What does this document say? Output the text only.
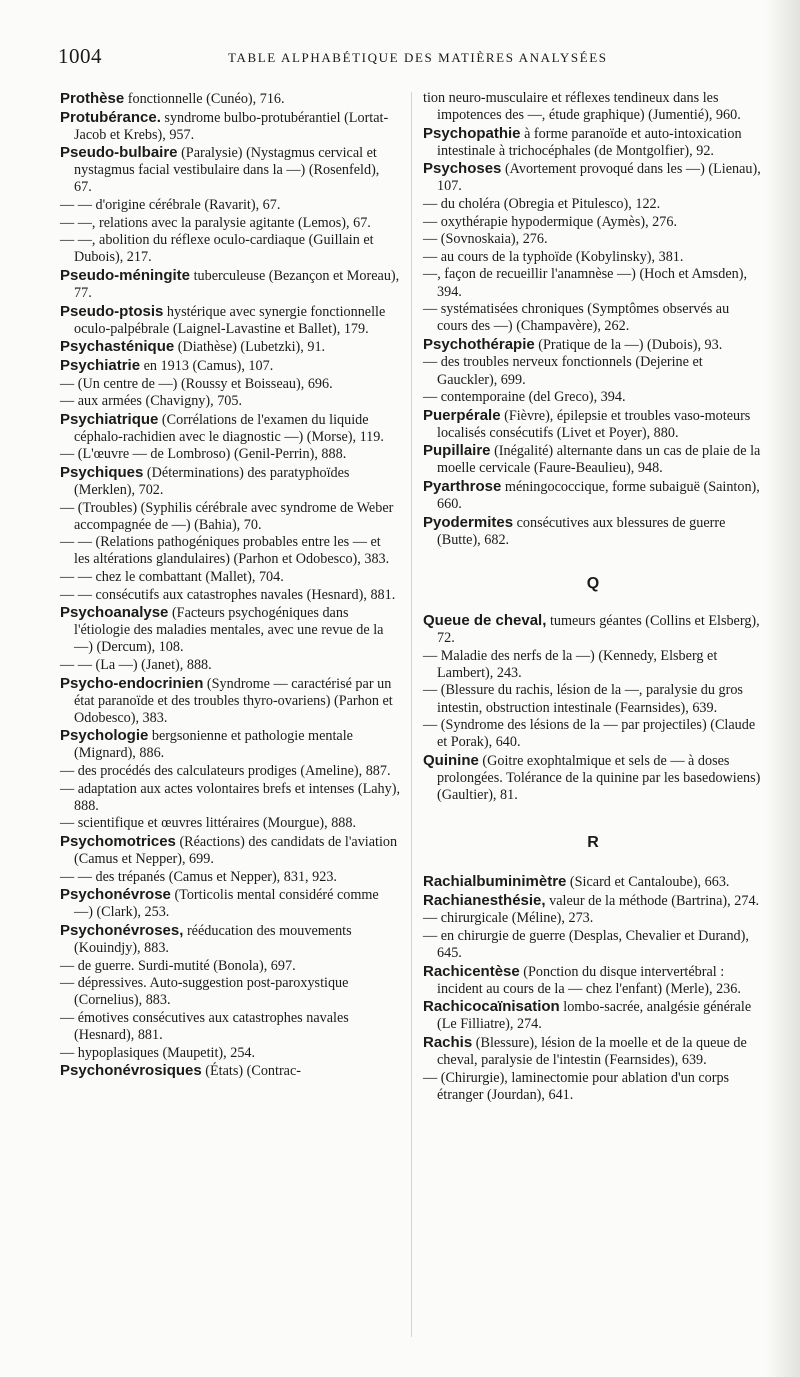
1004	TABLE ALPHABÉTIQUE DES MATIÈRES ANALYSÉES
Prothèse fonctionnelle (Cunéo), 716.
Protubérance. syndrome bulbo-protubérantiel (Lortat-Jacob et Krebs), 957.
Pseudo-bulbaire (Paralysie) (Nystagmus cervical et nystagmus facial vestibulaire dans la —) (Rosenfeld), 67.
— — d'origine cérébrale (Ravarit), 67.
— —, relations avec la paralysie agitante (Lemos), 67.
— —, abolition du réflexe oculo-cardiaque (Guillain et Dubois), 217.
Pseudo-méningite tuberculeuse (Bezançon et Moreau), 77.
Pseudo-ptosis hystérique avec synergie fonctionnelle oculo-palpébrale (Laignel-Lavastine et Ballet), 179.
Psychasténique (Diathèse) (Lubetzki), 91.
Psychiatrie en 1913 (Camus), 107.
— (Un centre de —) (Roussy et Boisseau), 696.
— aux armées (Chavigny), 705.
Psychiatrique (Corrélations de l'examen du liquide céphalo-rachidien avec le diagnostic —) (Morse), 119.
— (L'œuvre — de Lombroso) (Genil-Perrin), 888.
Psychiques (Déterminations) des paratyphoïdes (Merklen), 702.
— (Troubles) (Syphilis cérébrale avec syndrome de Weber accompagnée de —) (Bahia), 70.
— — (Relations pathogéniques probables entre les — et les altérations glandulaires) (Parhon et Odobesco), 383.
— — chez le combattant (Mallet), 704.
— — consécutifs aux catastrophes navales (Hesnard), 881.
Psychoanalyse (Facteurs psychogéniques dans l'étiologie des maladies mentales, avec une revue de la —) (Dercum), 108.
— — (La —) (Janet), 888.
Psycho-endocrinien (Syndrome — caractérisé par un état paranoïde et des troubles thyro-ovariens) (Parhon et Odobesco), 383.
Psychologie bergsonienne et pathologie mentale (Mignard), 886.
— des procédés des calculateurs prodiges (Ameline), 887.
— adaptation aux actes volontaires brefs et intenses (Lahy), 888.
— scientifique et œuvres littéraires (Mourgue), 888.
Psychomotrices (Réactions) des candidats de l'aviation (Camus et Nepper), 699.
— — des trépanés (Camus et Nepper), 831, 923.
Psychonévrose (Torticolis mental considéré comme —) (Clark), 253.
Psychonévroses, rééducation des mouvements (Kouindjy), 883.
— de guerre. Surdi-mutité (Bonola), 697.
— dépressives. Auto-suggestion post-paroxystique (Cornelius), 883.
— émotives consécutives aux catastrophes navales (Hesnard), 881.
— hypoplasiques (Maupetit), 254.
Psychonévrosiques (États) (Contrac-
tion neuro-musculaire et réflexes tendineux dans les impotences des —, étude graphique) (Jumentié), 960.
Psychopathie à forme paranoïde et auto-intoxication intestinale à trichocéphales (de Montgolfier), 92.
Psychoses (Avortement provoqué dans les —) (Lienau), 107.
— du choléra (Obregia et Pitulesco), 122.
— oxythérapie hypodermique (Aymès), 276.
— (Sovnoskaia), 276.
— au cours de la typhoïde (Kobylinsky), 381.
—, façon de recueillir l'anamnèse —) (Hoch et Amsden), 394.
— systématisées chroniques (Symptômes observés au cours des —) (Champavère), 262.
Psychothérapie (Pratique de la —) (Dubois), 93.
— des troubles nerveux fonctionnels (Dejerine et Gauckler), 699.
— contemporaine (del Greco), 394.
Puerpérale (Fièvre), épilepsie et troubles vaso-moteurs localisés consécutifs (Livet et Poyer), 880.
Pupillaire (Inégalité) alternante dans un cas de plaie de la moelle cervicale (Faure-Beaulieu), 948.
Pyarthrose méningococcique, forme subaiguë (Sainton), 660.
Pyodermites consécutives aux blessures de guerre (Butte), 682.
Q
Queue de cheval, tumeurs géantes (Collins et Elsberg), 72.
— Maladie des nerfs de la —) (Kennedy, Elsberg et Lambert), 243.
— (Blessure du rachis, lésion de la —, paralysie du gros intestin, obstruction intestinale (Fearnsides), 639.
— (Syndrome des lésions de la — par projectiles) (Claude et Porak), 640.
Quinine (Goitre exophtalmique et sels de — à doses prolongées. Tolérance de la quinine par les basedowiens) (Gaultier), 81.
R
Rachialbuminimètre (Sicard et Cantaloube), 663.
Rachianesthésie, valeur de la méthode (Bartrina), 274.
— chirurgicale (Méline), 273.
— en chirurgie de guerre (Desplas, Chevalier et Durand), 645.
Rachicentèse (Ponction du disque intervertébral : incident au cours de la — chez l'enfant) (Merle), 236.
Rachicocaïnisation lombo-sacrée, analgésie générale (Le Filliatre), 274.
Rachis (Blessure), lésion de la moelle et de la queue de cheval, paralysie de l'intestin (Fearnsides), 639.
— (Chirurgie), laminectomie pour ablation d'un corps étranger (Jourdan), 641.
